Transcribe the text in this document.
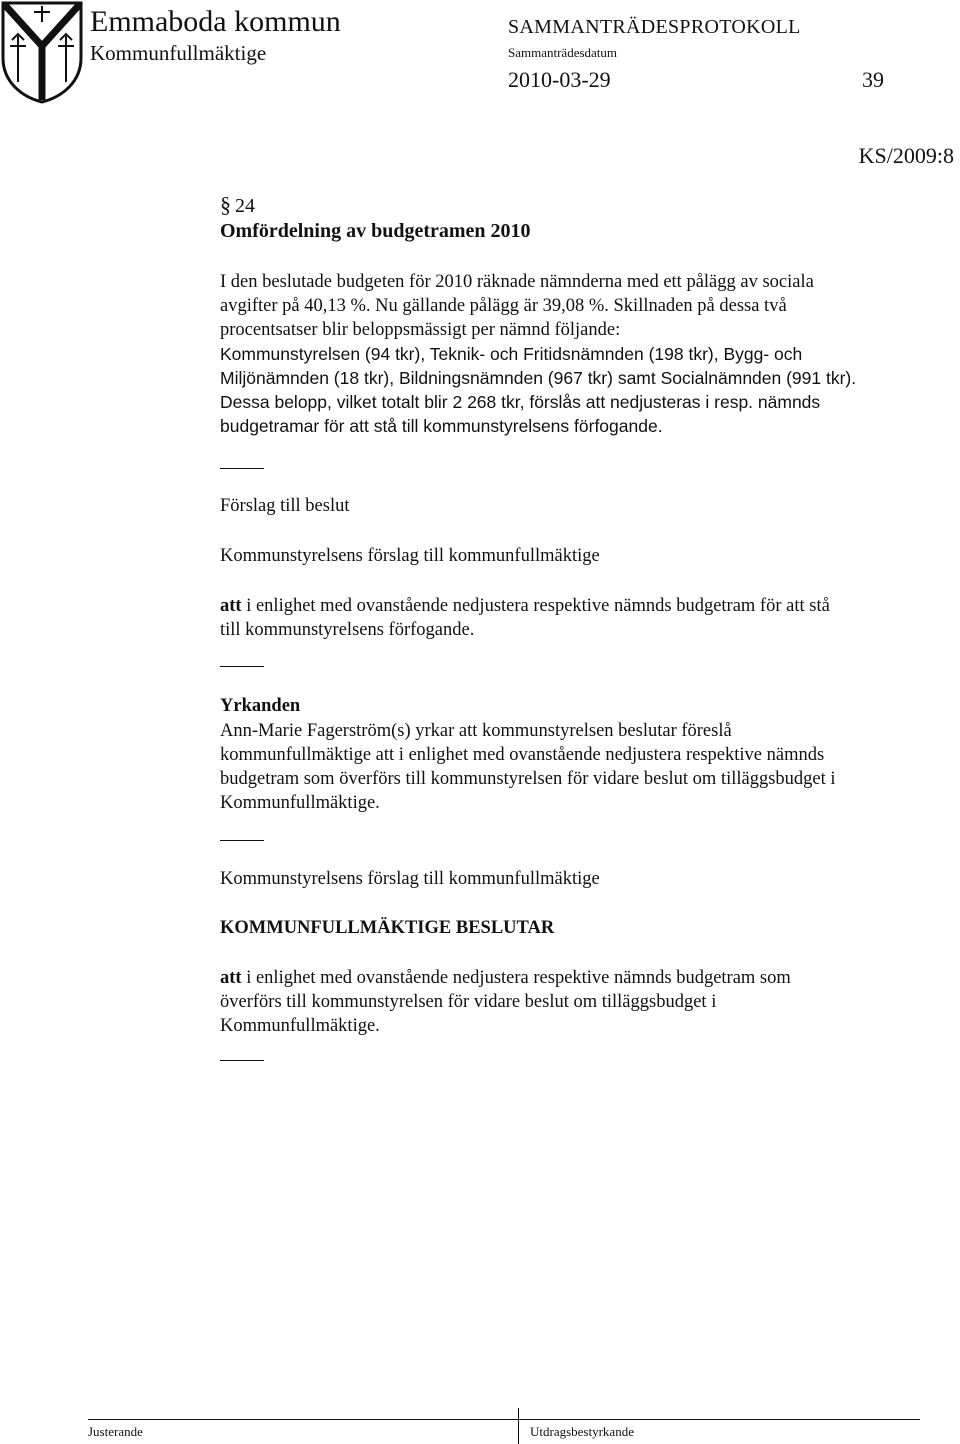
Emmaboda kommun
Kommunfullmäktige
SAMMANTRÄDESPROTOKOLL
Sammanträdesdatum
2010-03-29	39
KS/2009:8
§ 24
Omfördelning av budgetramen 2010
I den beslutade budgeten för 2010 räknade nämnderna med ett pålägg av sociala
avgifter på 40,13 %. Nu gällande pålägg är 39,08 %. Skillnaden på dessa två
procentsatser blir beloppsmässigt per nämnd följande:
Kommunstyrelsen (94 tkr), Teknik- och Fritidsnämnden (198 tkr), Bygg- och
Miljönämnden (18 tkr), Bildningsnämnden (967 tkr) samt Socialnämnden (991 tkr).
Dessa belopp, vilket totalt blir 2 268 tkr, förslås att nedjusteras i resp. nämnds
budgetramar för att stå till kommunstyrelsens förfogande.
Förslag till beslut
Kommunstyrelsens förslag till kommunfullmäktige
att i enlighet med ovanstående nedjustera respektive nämnds budgetram för att stå
till kommunstyrelsens förfogande.
Yrkanden
Ann-Marie Fagerström(s) yrkar att kommunstyrelsen beslutar föreslå
kommunfullmäktige att i enlighet med ovanstående nedjustera respektive nämnds
budgetram som överförs till kommunstyrelsen för vidare beslut om tilläggsbudget i
Kommunfullmäktige.
Kommunstyrelsens förslag till kommunfullmäktige
KOMMUNFULLMÄKTIGE BESLUTAR
att i enlighet med ovanstående nedjustera respektive nämnds budgetram som
överförs till kommunstyrelsen för vidare beslut om tilläggsbudget i
Kommunfullmäktige.
Justerande	Utdragsbestyrkande
